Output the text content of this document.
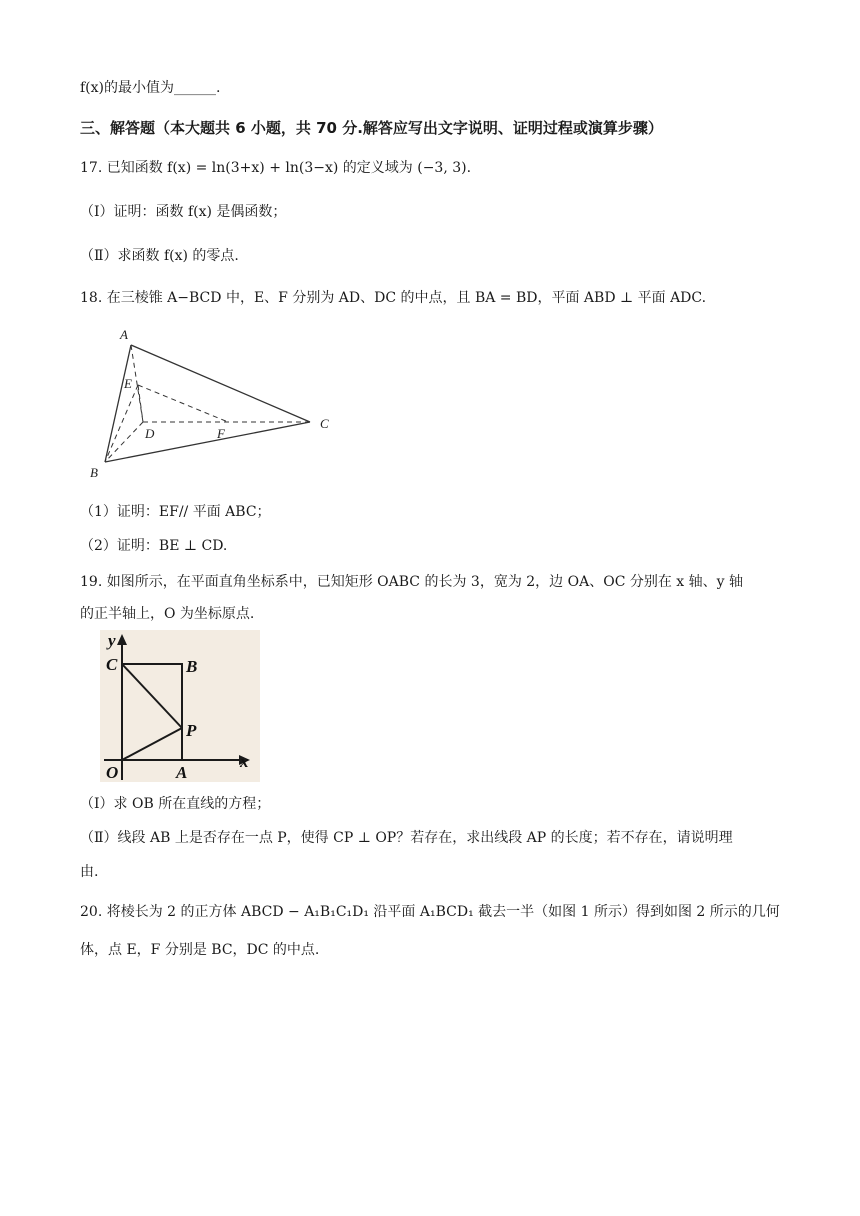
f(x)的最小值为______.
三、解答题（本大题共 6 小题，共 70 分.解答应写出文字说明、证明过程或演算步骤）
17. 已知函数 f(x) = ln(3+x) + ln(3−x) 的定义域为 (−3, 3).
（Ⅰ）证明：函数 f(x) 是偶函数；
（Ⅱ）求函数 f(x) 的零点.
18. 在三棱锥 A−BCD 中，E、F 分别为 AD、DC 的中点，且 BA = BD，平面 ABD ⊥ 平面 ADC.
A
E
D	F
C
B
（1）证明：EF// 平面 ABC；
（2）证明：BE ⊥ CD.
19. 如图所示，在平面直角坐标系中，已知矩形 OABC 的长为 3，宽为 2，边 OA、OC 分别在 x 轴、y 轴
的正半轴上，O 为坐标原点.
y
x
C	B
P
O	A
（Ⅰ）求 OB 所在直线的方程；
（Ⅱ）线段 AB 上是否存在一点 P，使得 CP ⊥ OP？若存在，求出线段 AP 的长度；若不存在，请说明理
由.
20. 将棱长为 2 的正方体 ABCD − A₁B₁C₁D₁ 沿平面 A₁BCD₁ 截去一半（如图 1 所示）得到如图 2 所示的几何
体，点 E，F 分别是 BC，DC 的中点.
